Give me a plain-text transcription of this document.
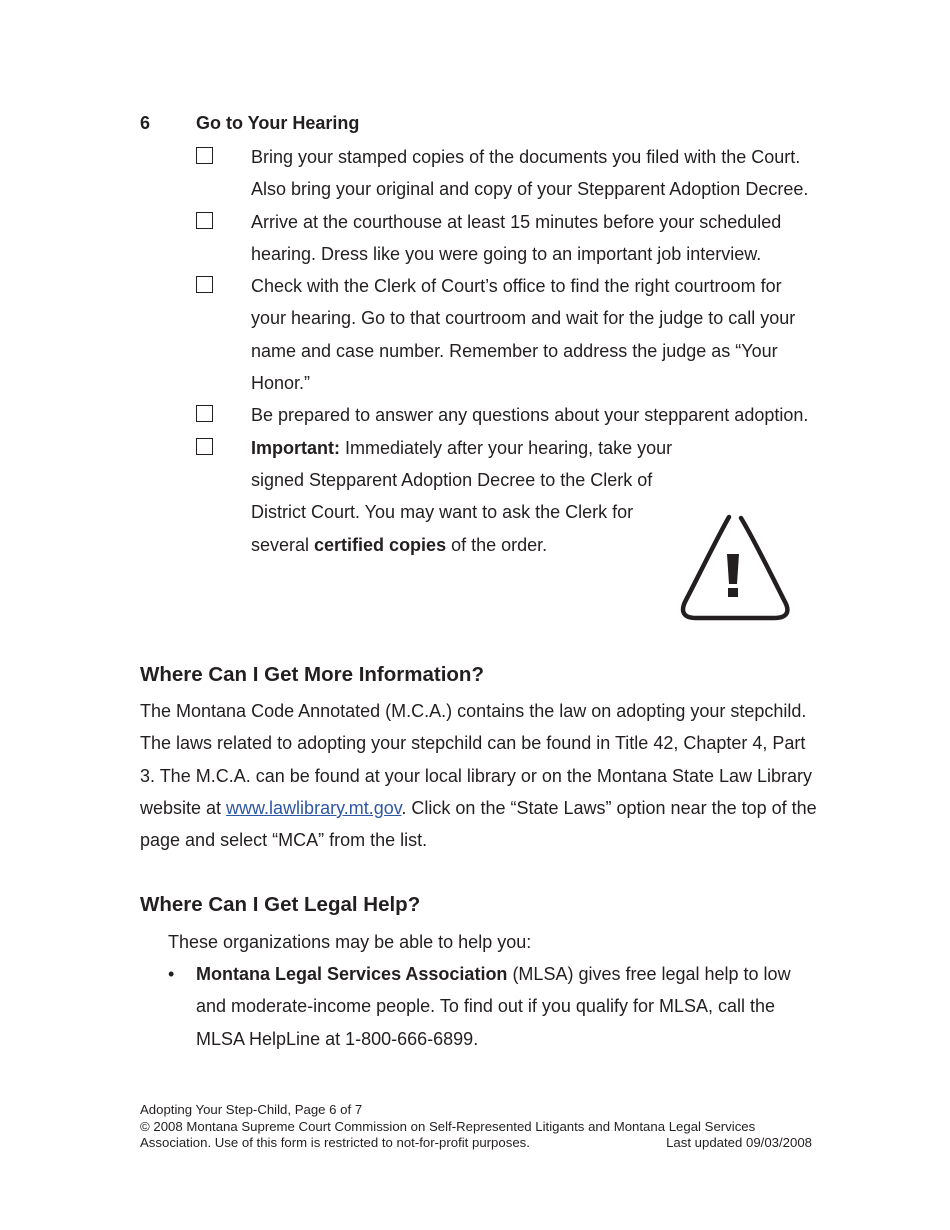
6	Go to Your Hearing
Bring your stamped copies of the documents you filed with the Court. Also bring your original and copy of your Stepparent Adoption Decree.
Arrive at the courthouse at least 15 minutes before your scheduled hearing. Dress like you were going to an important job interview.
Check with the Clerk of Court’s office to find the right courtroom for your hearing. Go to that courtroom and wait for the judge to call your name and case number. Remember to address the judge as “Your Honor.”
Be prepared to answer any questions about your stepparent adoption.
Important: Immediately after your hearing, take your signed Stepparent Adoption Decree to the Clerk of District Court. You may want to ask the Clerk for several certified copies of the order.
Where Can I Get More Information?

The Montana Code Annotated (M.C.A.) contains the law on adopting your stepchild. The laws related to adopting your stepchild can be found in Title 42, Chapter 4, Part 3. The M.C.A. can be found at your local library or on the Montana State Law Library website at www.lawlibrary.mt.gov. Click on the “State Laws” option near the top of the page and select “MCA” from the list.

Where Can I Get Legal Help?
These organizations may be able to help you:
• Montana Legal Services Association (MLSA) gives free legal help to low and moderate-income people. To find out if you qualify for MLSA, call the MLSA HelpLine at 1-800-666-6899.
Adopting Your Step-Child, Page 6 of 7
© 2008 Montana Supreme Court Commission on Self-Represented Litigants and Montana Legal Services
Association. Use of this form is restricted to not-for-profit purposes.	Last updated 09/03/2008
